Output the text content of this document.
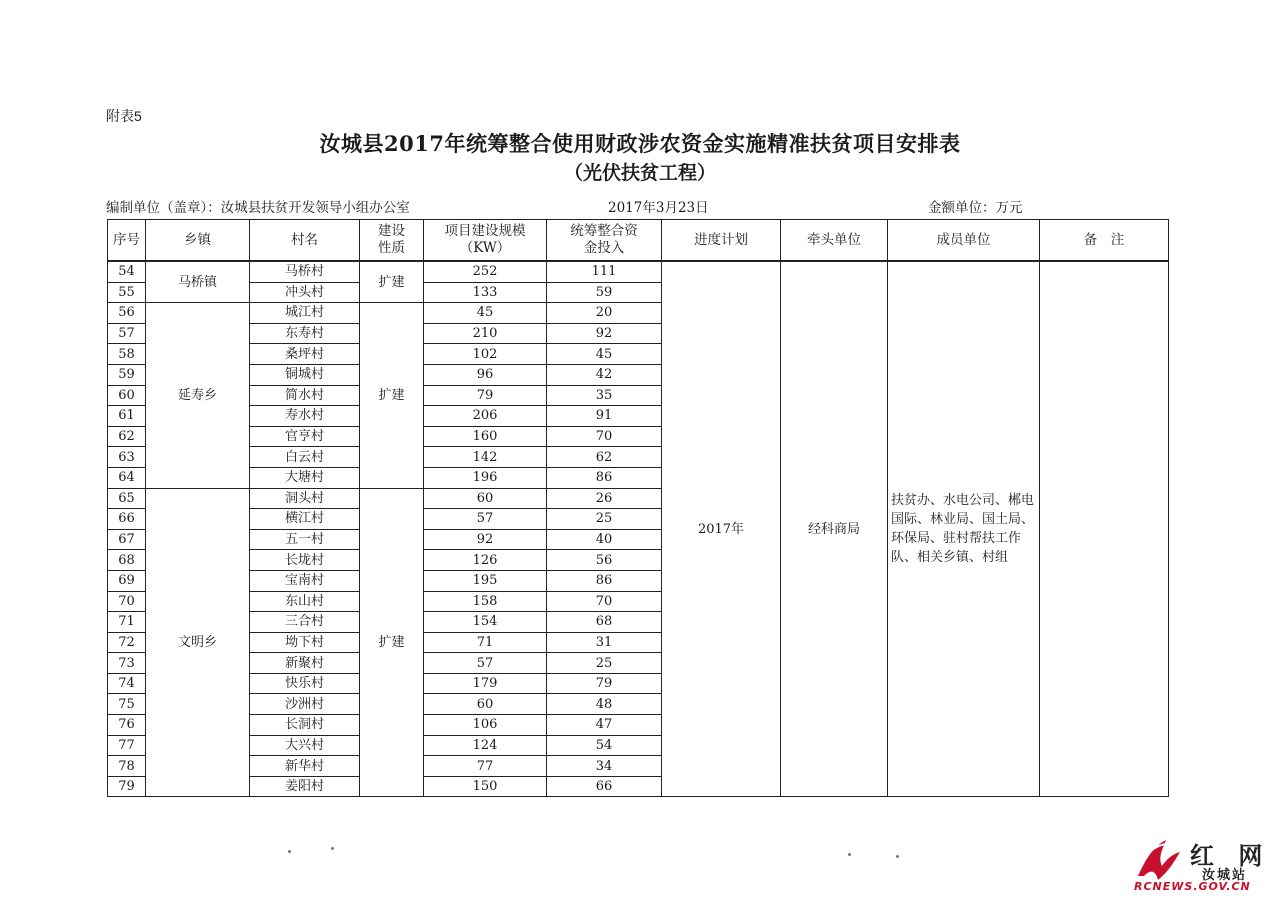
附表5
汝城县2017年统筹整合使用财政涉农资金实施精准扶贫项目安排表
（光伏扶贫工程）
编制单位（盖章）：汝城县扶贫开发领导小组办公室	2017年3月23日	金额单位：万元
序号	乡镇	村名	建设性质	项目建设规模（KW）	统筹整合资金投入	进度计划	牵头单位	成员单位	备　注
54	马桥镇	马桥村	扩建	252	111	2017年	经科商局	扶贫办、水电公司、郴电国际、林业局、国土局、环保局、驻村帮扶工作队、相关乡镇、村组	
55		冲头村		133	59				
56	延寿乡	城江村	扩建	45	20				
57		东寿村		210	92				
58		桑坪村		102	45				
59		铜城村		96	42				
60		简水村		79	35				
61		寿水村		206	91				
62		官亨村		160	70				
63		白云村		142	62				
64		大塘村		196	86				
65	文明乡	洞头村	扩建	60	26				
66		横江村		57	25				
67		五一村		92	40				
68		长垅村		126	56				
69		宝南村		195	86				
70		东山村		158	70				
71		三合村		154	68				
72		坳下村		71	31				
73		新聚村		57	25				
74		快乐村		179	79				
75		沙洲村		60	48				
76		长洞村		106	47				
77		大兴村		124	54				
78		新华村		77	34				
79		姜阳村		150	66				
红 网
汝城站
RCNEWS.GOV.CN
